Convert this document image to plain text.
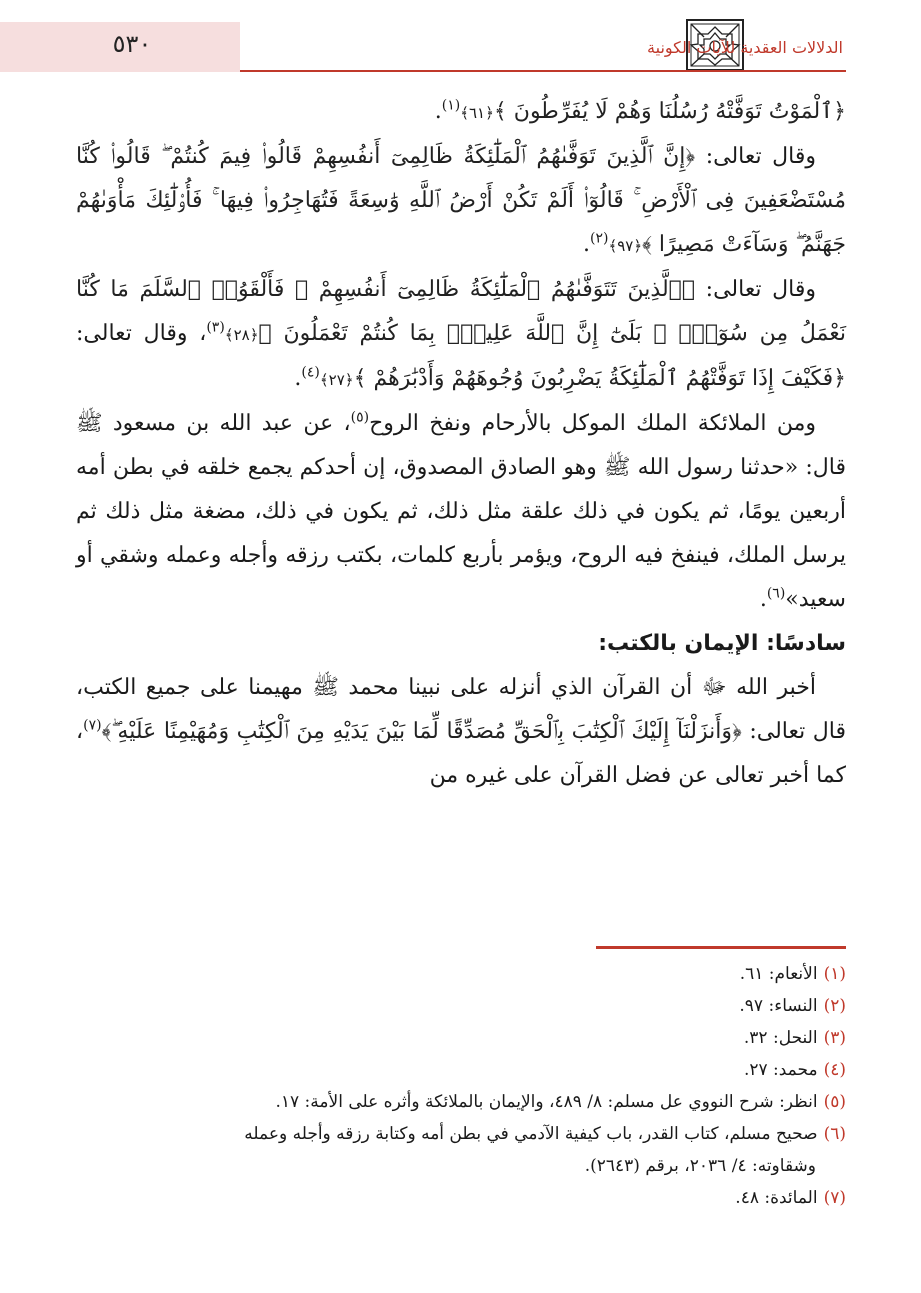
٥٣٠	الدلالات العقدية للآيات الكونية

﴿ٱلْمَوْتُ تَوَفَّتْهُ رُسُلُنَا وَهُمْ لَا يُفَرِّطُونَ ﴾﴿٦١﴾$^{(١)}$.

وقال تعالى: ﴿إِنَّ ٱلَّذِينَ تَوَفَّىٰهُمُ ٱلْمَلَٰٓئِكَةُ ظَالِمِىٓ أَنفُسِهِمْ قَالُوا۟ فِيمَ كُنتُمْ ۖ قَالُوا۟ كُنَّا مُسْتَضْعَفِينَ فِى ٱلْأَرْضِ ۚ قَالُوٓا۟ أَلَمْ تَكُنْ أَرْضُ ٱللَّهِ وَٰسِعَةً فَتُهَاجِرُوا۟ فِيهَا ۚ فَأُو۟لَٰٓئِكَ مَأْوَىٰهُمْ جَهَنَّمُ ۖ وَسَآءَتْ مَصِيرًا ﴾﴿٩٧﴾$^{(٢)}$.

وقال تعالى: ﴿ٱلَّذِينَ تَتَوَفَّىٰهُمُ ٱلْمَلَٰٓئِكَةُ ظَالِمِىٓ أَنفُسِهِمْ ۖ فَأَلْقَوُا۟ ٱلسَّلَمَ مَا كُنَّا نَعْمَلُ مِن سُوٓءٍۭ ۚ بَلَىٰٓ إِنَّ ٱللَّهَ عَلِيمٌۢ بِمَا كُنتُمْ تَعْمَلُونَ ﴾﴿٢٨﴾$^{(٣)}$، وقال تعالى: ﴿فَكَيْفَ إِذَا تَوَفَّتْهُمُ ٱلْمَلَٰٓئِكَةُ يَضْرِبُونَ وُجُوهَهُمْ وَأَدْبَٰرَهُمْ ﴾﴿٢٧﴾$^{(٤)}$.

ومن الملائكة الملك الموكل بالأرحام ونفخ الروح$^{(٥)}$، عن عبد الله بن مسعود ﷺ قال: «حدثنا رسول الله ﷺ وهو الصادق المصدوق، إن أحدكم يجمع خلقه في بطن أمه أربعين يومًا، ثم يكون في ذلك علقة مثل ذلك، ثم يكون في ذلك، مضغة مثل ذلك ثم يرسل الملك، فينفخ فيه الروح، ويؤمر بأربع كلمات، بكتب رزقه وأجله وعمله وشقي أو سعيد»$^{(٦)}$.

سادسًا: الإيمان بالكتب:

أخبر الله ﷻ أن القرآن الذي أنزله على نبينا محمد ﷺ مهيمنا على جميع الكتب، قال تعالى: ﴿وَأَنزَلْنَآ إِلَيْكَ ٱلْكِتَٰبَ بِٱلْحَقِّ مُصَدِّقًا لِّمَا بَيْنَ يَدَيْهِ مِنَ ٱلْكِتَٰبِ وَمُهَيْمِنًا عَلَيْهِ ۖ﴾$^{(٧)}$، كما أخبر تعالى عن فضل القرآن على غيره من

(١)الأنعام: ٦١.

(٢)النساء: ٩٧.

(٣)النحل: ٣٢.

(٤)محمد: ٢٧.

(٥)انظر: شرح النووي عل مسلم: ٨/ ٤٨٩، والإيمان بالملائكة وأثره على الأمة: ١٧.

(٦)صحيح مسلم، كتاب القدر، باب كيفية الآدمي في بطن أمه وكتابة رزقه وأجله وعمله

وشقاوته: ٤/ ٢٠٣٦، برقم (٢٦٤٣).

(٧)المائدة: ٤٨.
